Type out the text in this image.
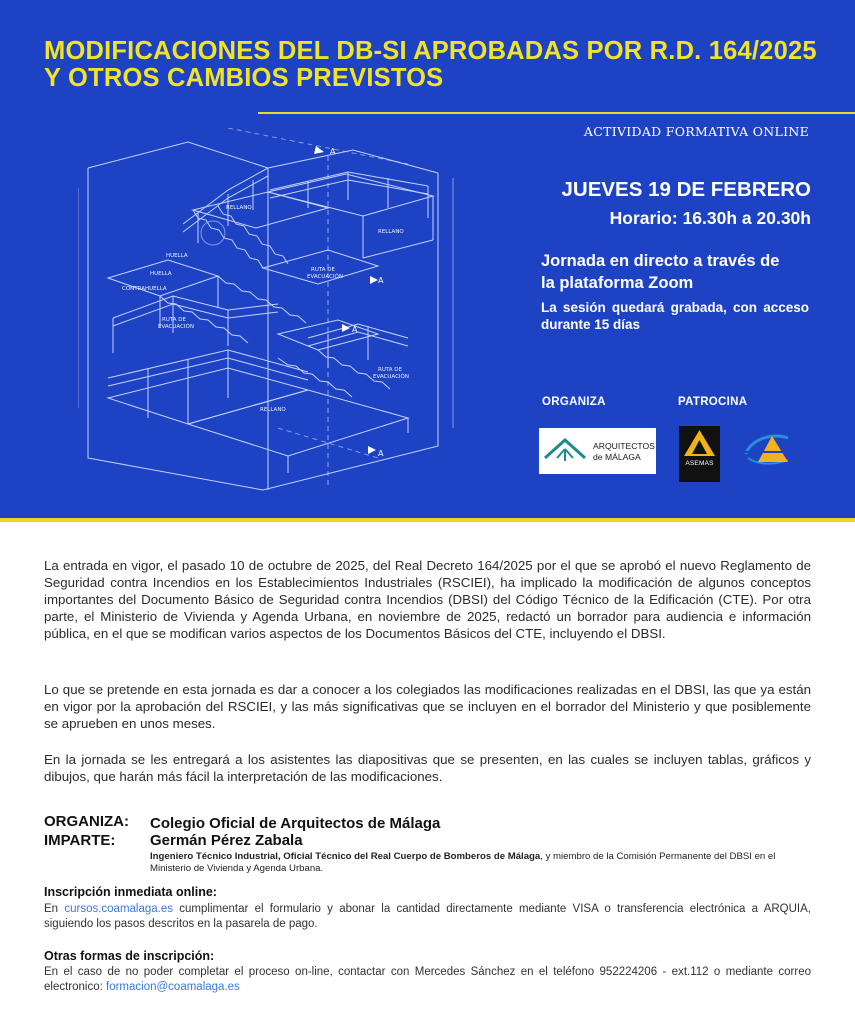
MODIFICACIONES DEL DB-SI APROBADAS POR R.D. 164/2025
Y OTROS CAMBIOS PREVISTOS
ACTIVIDAD FORMATIVA ONLINE
RELLANO
RELLANO
RELLANO
HUELLA
HUELLA
CONTRAHUELLA
RUTA DE
EVACUACIÓN
RUTA DE
EVACUACIÓN
RUTA DE
EVACUACIÓN
A
A
A
A
JUEVES 19 DE FEBRERO
Horario: 16.30h a 20.30h
Jornada en directo a través de
la plataforma Zoom
La sesión quedará grabada, con acceso durante 15 días
ORGANIZA	PATROCINA
ARQUITECTOS
de MÁLAGA
ASEMAS

La entrada en vigor, el pasado 10 de octubre de 2025, del Real Decreto 164/2025 por el que se aprobó el nuevo Reglamento de Seguridad contra Incendios en los Establecimientos Industriales (RSCIEI), ha implicado la modificación de algunos conceptos importantes del Documento Básico de Seguridad contra Incendios (DBSI) del Código Técnico de la Edificación (CTE). Por otra parte, el Ministerio de Vivienda y Agenda Urbana, en noviembre de 2025, redactó un borrador para audiencia e información pública, en el que se modifican varios aspectos de los Documentos Básicos del CTE, incluyendo el DBSI.

Lo que se pretende en esta jornada es dar a conocer a los colegiados las modificaciones realizadas en el DBSI, las que ya están en vigor por la aprobación del RSCIEI, y las más significativas que se incluyen en el borrador del Ministerio y que posiblemente se aprueben en unos meses.

En la jornada se les entregará a los asistentes las diapositivas que se presenten, en las cuales se incluyen tablas, gráficos y dibujos, que harán más fácil la interpretación de las modificaciones.

ORGANIZA: Colegio Oficial de Arquitectos de Málaga
IMPARTE: Germán Pérez Zabala
Ingeniero Técnico Industrial, Oficial Técnico del Real Cuerpo de Bomberos de Málaga, y miembro de la Comisión Permanente del DBSI en el Ministerio de Vivienda y Agenda Urbana.
Inscripción inmediata online:

En cursos.coamalaga.es cumplimentar el formulario y abonar la cantidad directamente mediante VISA o transferencia electrónica a ARQUIA, siguiendo los pasos descritos en la pasarela de pago.

Otras formas de inscripción:

En el caso de no poder completar el proceso on-line, contactar con Mercedes Sánchez en el teléfono 952224206 - ext.112 o mediante correo electronico: formacion@coamalaga.es
